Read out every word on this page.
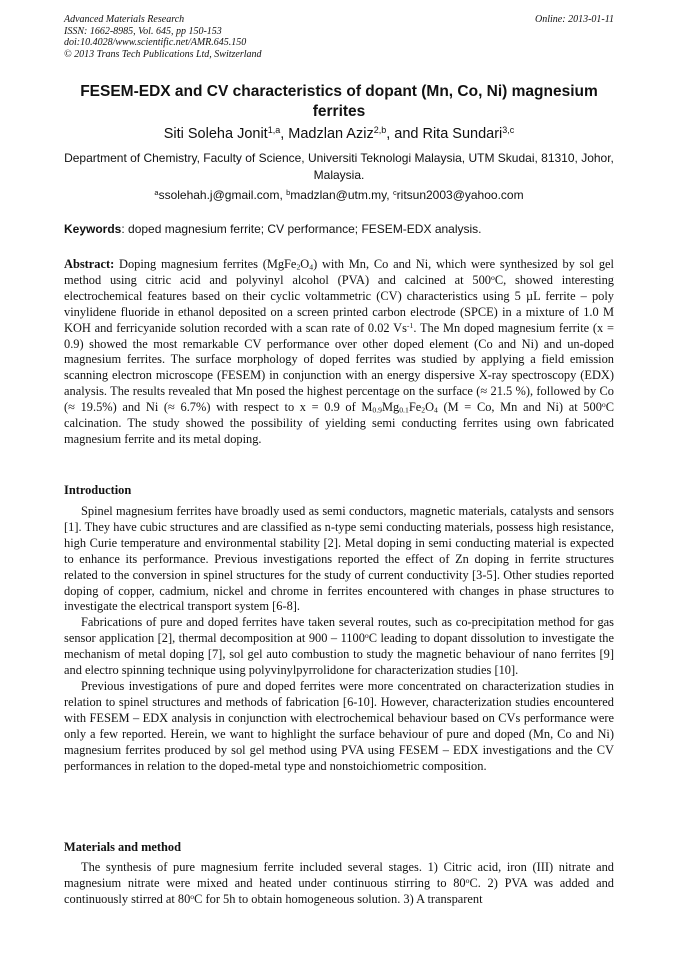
Advanced Materials Research
ISSN: 1662-8985, Vol. 645, pp 150-153
doi:10.4028/www.scientific.net/AMR.645.150
© 2013 Trans Tech Publications Ltd, Switzerland
Online: 2013-01-11
FESEM-EDX and CV characteristics of dopant (Mn, Co, Ni) magnesium ferrites
Siti Soleha Jonit$^{1,a}$, Madzlan Aziz$^{2,b}$, and Rita Sundari$^{3,c}$
Department of Chemistry, Faculty of Science, Universiti Teknologi Malaysia, UTM Skudai, 81310, Johor, Malaysia.
$^a$ssolehah.j@gmail.com, $^b$madzlan@utm.my, $^c$ritsun2003@yahoo.com
Keywords: doped magnesium ferrite; CV performance; FESEM-EDX analysis.

Abstract: Doping magnesium ferrites $(MgFe_2O_4)$ with Mn, Co and Ni, which were synthesized by sol gel method using citric acid and polyvinyl alcohol (PVA) and calcined at 500$^o$C, showed interesting electrochemical features based on their cyclic voltammetric (CV) characteristics using 5 µL ferrite – poly vinylidene fluoride in ethanol deposited on a screen printed carbon electrode (SPCE) in a mixture of 1.0 M KOH and ferricyanide solution recorded with a scan rate of 0.02 $Vs^{-1}$. The Mn doped magnesium ferrite (x = 0.9) showed the most remarkable CV performance over other doped element (Co and Ni) and un-doped magnesium ferrites. The surface morphology of doped ferrites was studied by applying a field emission scanning electron microscope (FESEM) in conjunction with an energy dispersive X-ray spectroscopy (EDX) analysis. The results revealed that Mn posed the highest percentage on the surface (≈ 21.5 %), followed by Co (≈ 19.5%) and Ni (≈ 6.7%) with respect to x = 0.9 of $M_{0.9}Mg_{0.1}Fe_2O_4$ (M = Co, Mn and Ni) at 500$^o$C calcination. The study showed the possibility of yielding semi conducting ferrites using own fabricated magnesium ferrite and its metal doping.

Introduction

Spinel magnesium ferrites have broadly used as semi conductors, magnetic materials, catalysts and sensors [1]. They have cubic structures and are classified as n-type semi conducting materials, possess high resistance, high Curie temperature and environmental stability [2]. Metal doping in semi conducting material is expected to enhance its performance. Previous investigations reported the effect of Zn doping in ferrite structures related to the conversion in spinel structures for the study of current conductivity [3-5]. Other studies reported doping of copper, cadmium, nickel and chrome in ferrites encountered with changes in phase structures to investigate the electrical transport system [6-8].

Fabrications of pure and doped ferrites have taken several routes, such as co-precipitation method for gas sensor application [2], thermal decomposition at 900 – 1100$^o$C leading to dopant dissolution to investigate the mechanism of metal doping [7], sol gel auto combustion to study the magnetic behaviour of nano ferrites [9] and electro spinning technique using polyvinylpyrrolidone for characterization studies [10].

Previous investigations of pure and doped ferrites were more concentrated on characterization studies in relation to spinel structures and methods of fabrication [6-10]. However, characterization studies encountered with FESEM – EDX analysis in conjunction with electrochemical behaviour based on CVs performance were only a few reported. Herein, we want to highlight the surface behaviour of pure and doped (Mn, Co and Ni) magnesium ferrites produced by sol gel method using PVA using FESEM – EDX investigations and the CV performances in relation to the doped-metal type and nonstoichiometric composition.

Materials and method

The synthesis of pure magnesium ferrite included several stages. 1) Citric acid, iron (III) nitrate and magnesium nitrate were mixed and heated under continuous stirring to 80$^o$C. 2) PVA was added and continuously stirred at 80$^o$C for 5h to obtain homogeneous solution. 3) A transparent
